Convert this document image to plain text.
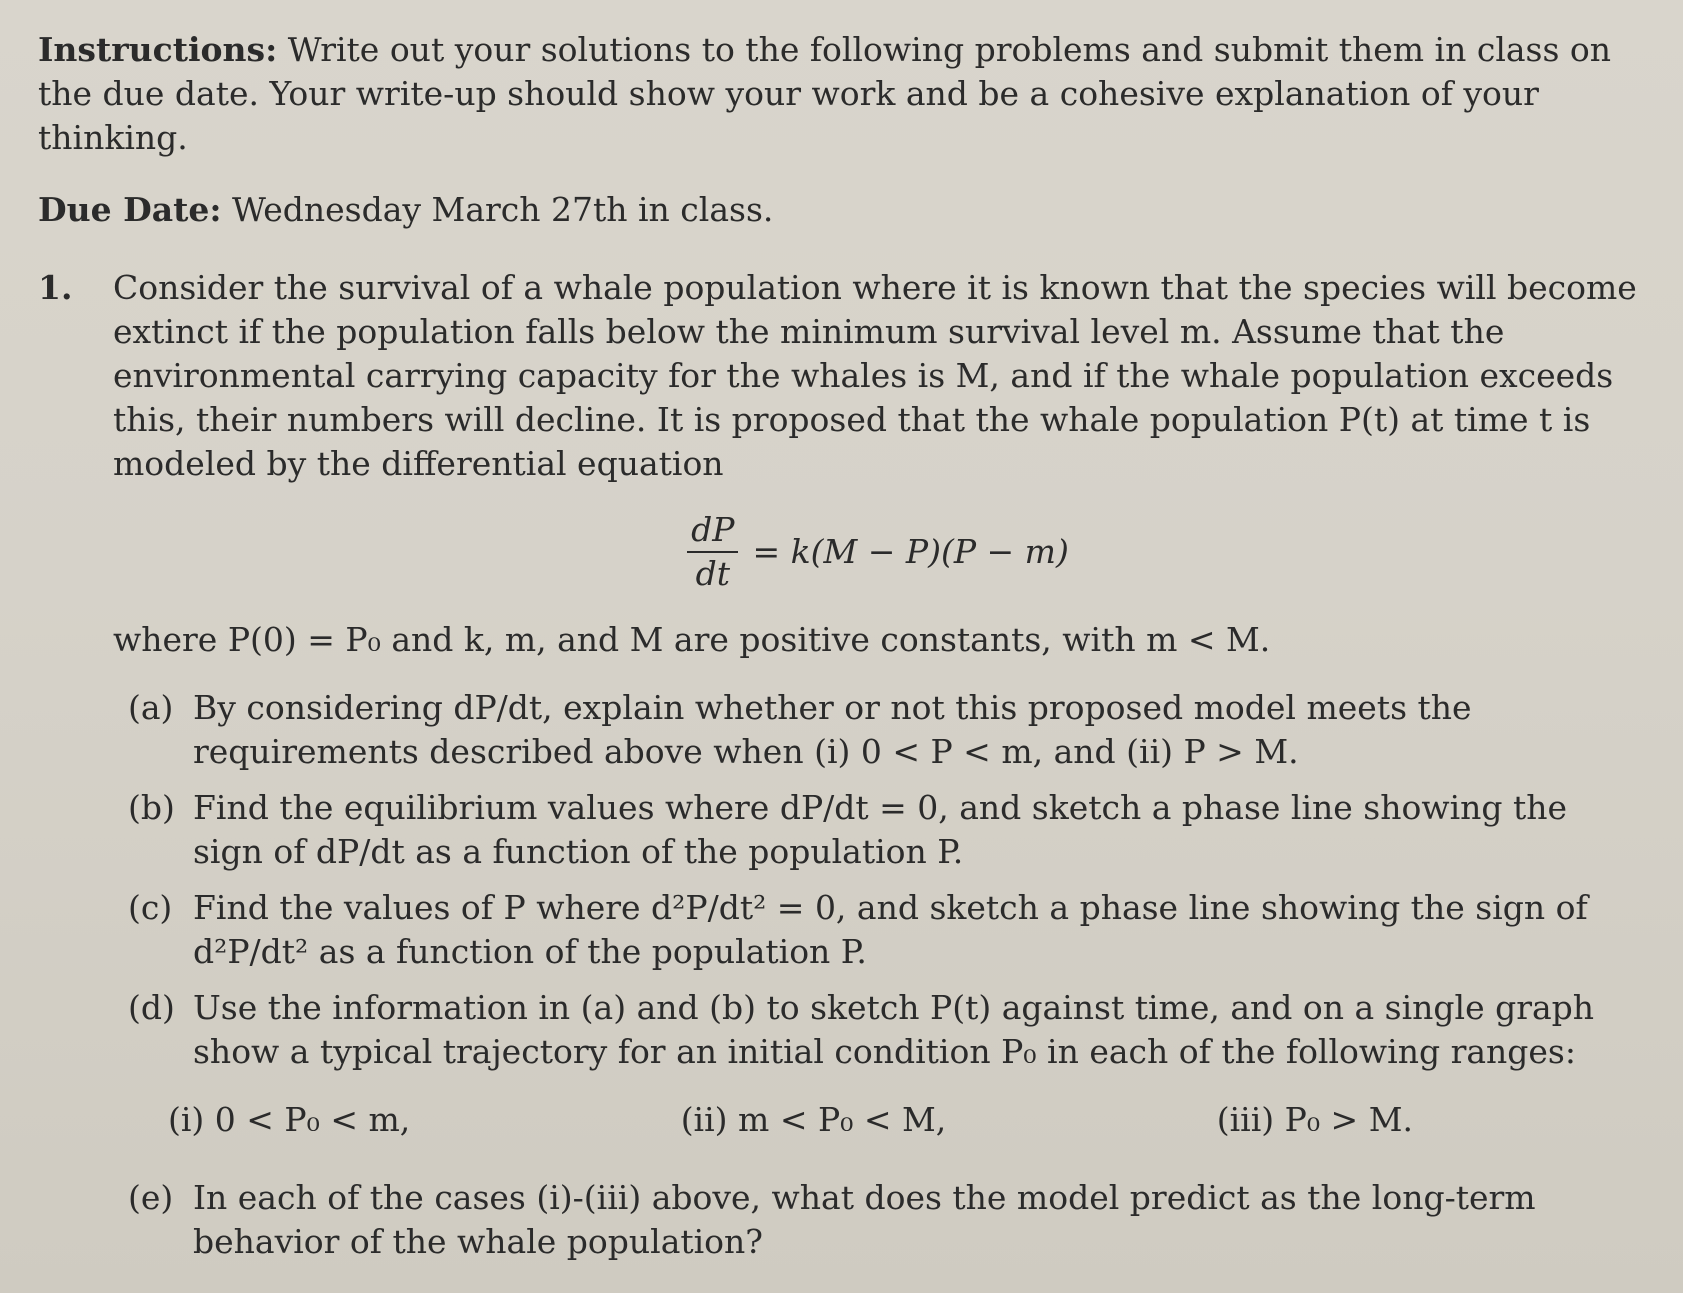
Instructions: Write out your solutions to the following problems and submit them in class on the due date. Your write-up should show your work and be a cohesive explanation of your thinking.

Due Date: Wednesday March 27th in class.

1. Consider the survival of a whale population where it is known that the species will become extinct if the population falls below the minimum survival level m. Assume that the environmental carrying capacity for the whales is M, and if the whale population exceeds this, their numbers will decline. It is proposed that the whale population P(t) at time t is modeled by the differential equation

$\frac{dP}{dt} = k(M - P)(P - m)$

where P(0) = P₀ and k, m, and M are positive constants, with m < M.

(a) By considering dP/dt, explain whether or not this proposed model meets the requirements described above when (i) 0 < P < m, and (ii) P > M.
(b) Find the equilibrium values where dP/dt = 0, and sketch a phase line showing the sign of dP/dt as a function of the population P.
(c) Find the values of P where d²P/dt² = 0, and sketch a phase line showing the sign of d²P/dt² as a function of the population P.
(d) Use the information in (a) and (b) to sketch P(t) against time, and on a single graph show a typical trajectory for an initial condition P₀ in each of the following ranges:
(i) 0 < P₀ < m,	(ii) m < P₀ < M,	(iii) P₀ > M.
(e) In each of the cases (i)-(iii) above, what does the model predict as the long-term behavior of the whale population?
